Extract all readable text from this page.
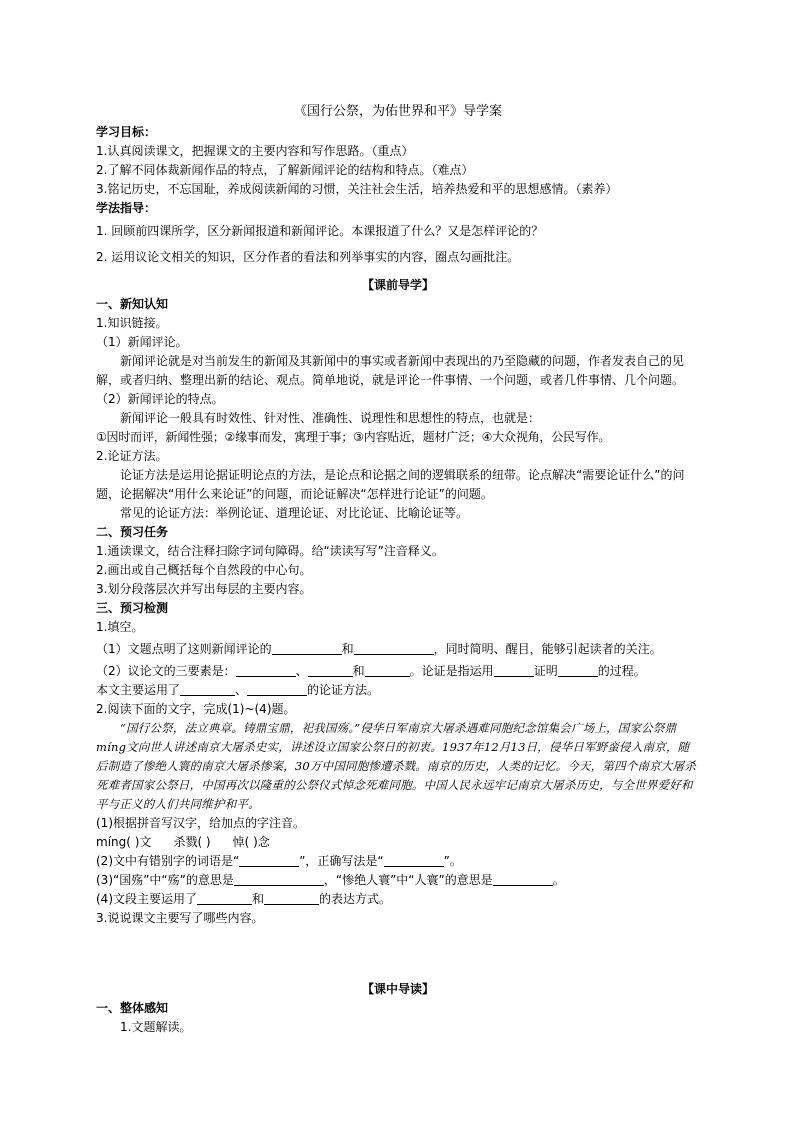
《国行公祭，为佑世界和平》导学案
学习目标：
1.认真阅读课文，把握课文的主要内容和写作思路。（重点）
2.了解不同体裁新闻作品的特点，了解新闻评论的结构和特点。（难点）
3.铭记历史，不忘国耻，养成阅读新闻的习惯，关注社会生活，培养热爱和平的思想感情。（素养）
学法指导：
1. 回顾前四课所学，区分新闻报道和新闻评论。本课报道了什么？又是怎样评论的？
2. 运用议论文相关的知识，区分作者的看法和列举事实的内容，圈点勾画批注。
【课前导学】
一、新知认知
1.知识链接。
（1）新闻评论。
新闻评论就是对当前发生的新闻及其新闻中的事实或者新闻中表现出的乃至隐藏的问题，作者发表自己的见解，或者归纳、整理出新的结论、观点。简单地说，就是评论一件事情、一个问题，或者几件事情、几个问题。
（2）新闻评论的特点。
新闻评论一般具有时效性、针对性、准确性、说理性和思想性的特点，也就是：
①因时而评，新闻性强；②缘事而发，寓理于事；③内容贴近，题材广泛；④大众视角，公民写作。
2.论证方法。
论证方法是运用论据证明论点的方法，是论点和论据之间的逻辑联系的纽带。论点解决“需要论证什么”的问题，论据解决“用什么来论证”的问题，而论证解决“怎样进行论证”的问题。
常见的论证方法：举例论证、道理论证、对比论证、比喻论证等。
二、预习任务
1.通读课文，结合注释扫除字词句障碍。给“读读写写”注音释义。
2.画出或自己概括每个自然段的中心句。
3.划分段落层次并写出每层的主要内容。
三、预习检测
1.填空。
（1）文题点明了这则新闻评论的	和	，同时简明、醒目，能够引起读者的关注。
（2）议论文的三要素是：	、	和	。论证是指运用	证明	的过程。
本文主要运用了	、	的论证方法。
2.阅读下面的文字，完成(1)~(4)题。
“国行公祭，法立典章。铸鼎宝鼎，祀我国殇。”侵华日军南京大屠杀遇难同胞纪念馆集会广场上，国家公祭鼎míng文向世人讲述南京大屠杀史实，讲述设立国家公祭日的初衷。1937年12月13日，侵华日军野蛮侵入南京，随后制造了惨绝人寰的南京大屠杀惨案，30万中国同胞惨遭杀戮。南京的历史，人类的记忆。今天，第四个南京大屠杀死难者国家公祭日，中国再次以隆重的公祭仪式悼念死难同胞。中国人民永远牢记南京大屠杀历史，与全世界爱好和平与正义的人们共同维护和平。
(1)根据拼音写汉字，给加点的字注音。
míng( )文 杀戮( ) 悼( )念
(2)文中有错别字的词语是“	”，正确写法是“	”。
(3)“国殇”中“殇”的意思是	，“惨绝人寰”中“人寰”的意思是	。
(4)文段主要运用了	和	的表达方式。
3.说说课文主要写了哪些内容。
【课中导读】
一、整体感知
1.文题解读。
